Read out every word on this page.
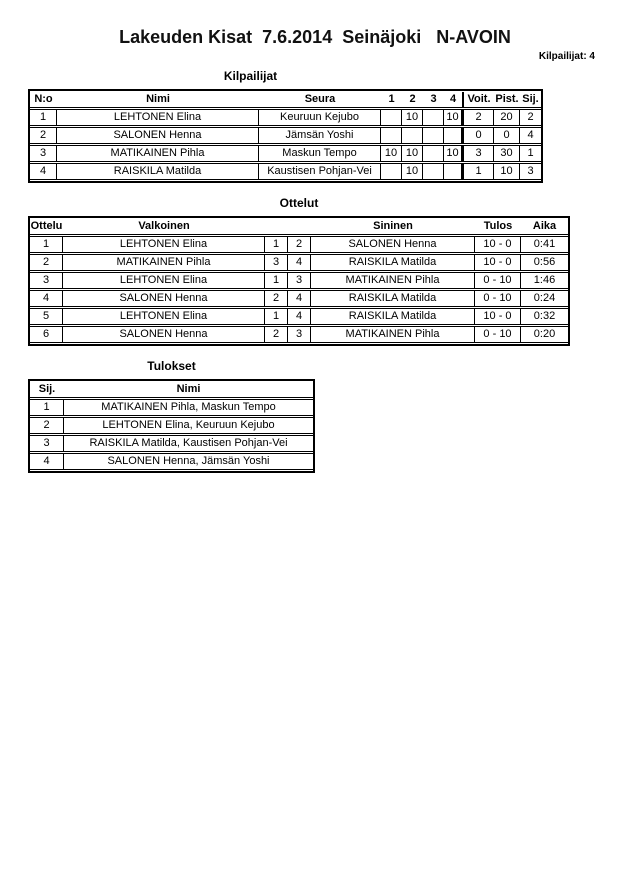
Lakeuden Kisat  7.6.2014  Seinäjoki   N-AVOIN
Kilpailijat: 4
Kilpailijat
N:o	Nimi	Seura	1	2	3	4	Voit.	Pist.	Sij.
1	LEHTONEN Elina	Keuruun Kejubo		10		10	2	20	2
2	SALONEN Henna	Jämsän Yoshi					0	0	4
3	MATIKAINEN Pihla	Maskun Tempo	10	10		10	3	30	1
4	RAISKILA Matilda	Kaustisen Pohjan-Vei		10			1	10	3
Ottelut
Ottelu	Valkoinen			Sininen	Tulos	Aika
1	LEHTONEN Elina	1	2	SALONEN Henna	10 - 0	0:41
2	MATIKAINEN Pihla	3	4	RAISKILA Matilda	10 - 0	0:56
3	LEHTONEN Elina	1	3	MATIKAINEN Pihla	0 - 10	1:46
4	SALONEN Henna	2	4	RAISKILA Matilda	0 - 10	0:24
5	LEHTONEN Elina	1	4	RAISKILA Matilda	10 - 0	0:32
6	SALONEN Henna	2	3	MATIKAINEN Pihla	0 - 10	0:20
Tulokset
Sij.	Nimi
1	MATIKAINEN Pihla, Maskun Tempo
2	LEHTONEN Elina, Keuruun Kejubo
3	RAISKILA Matilda, Kaustisen Pohjan-Vei
4	SALONEN Henna, Jämsän Yoshi
